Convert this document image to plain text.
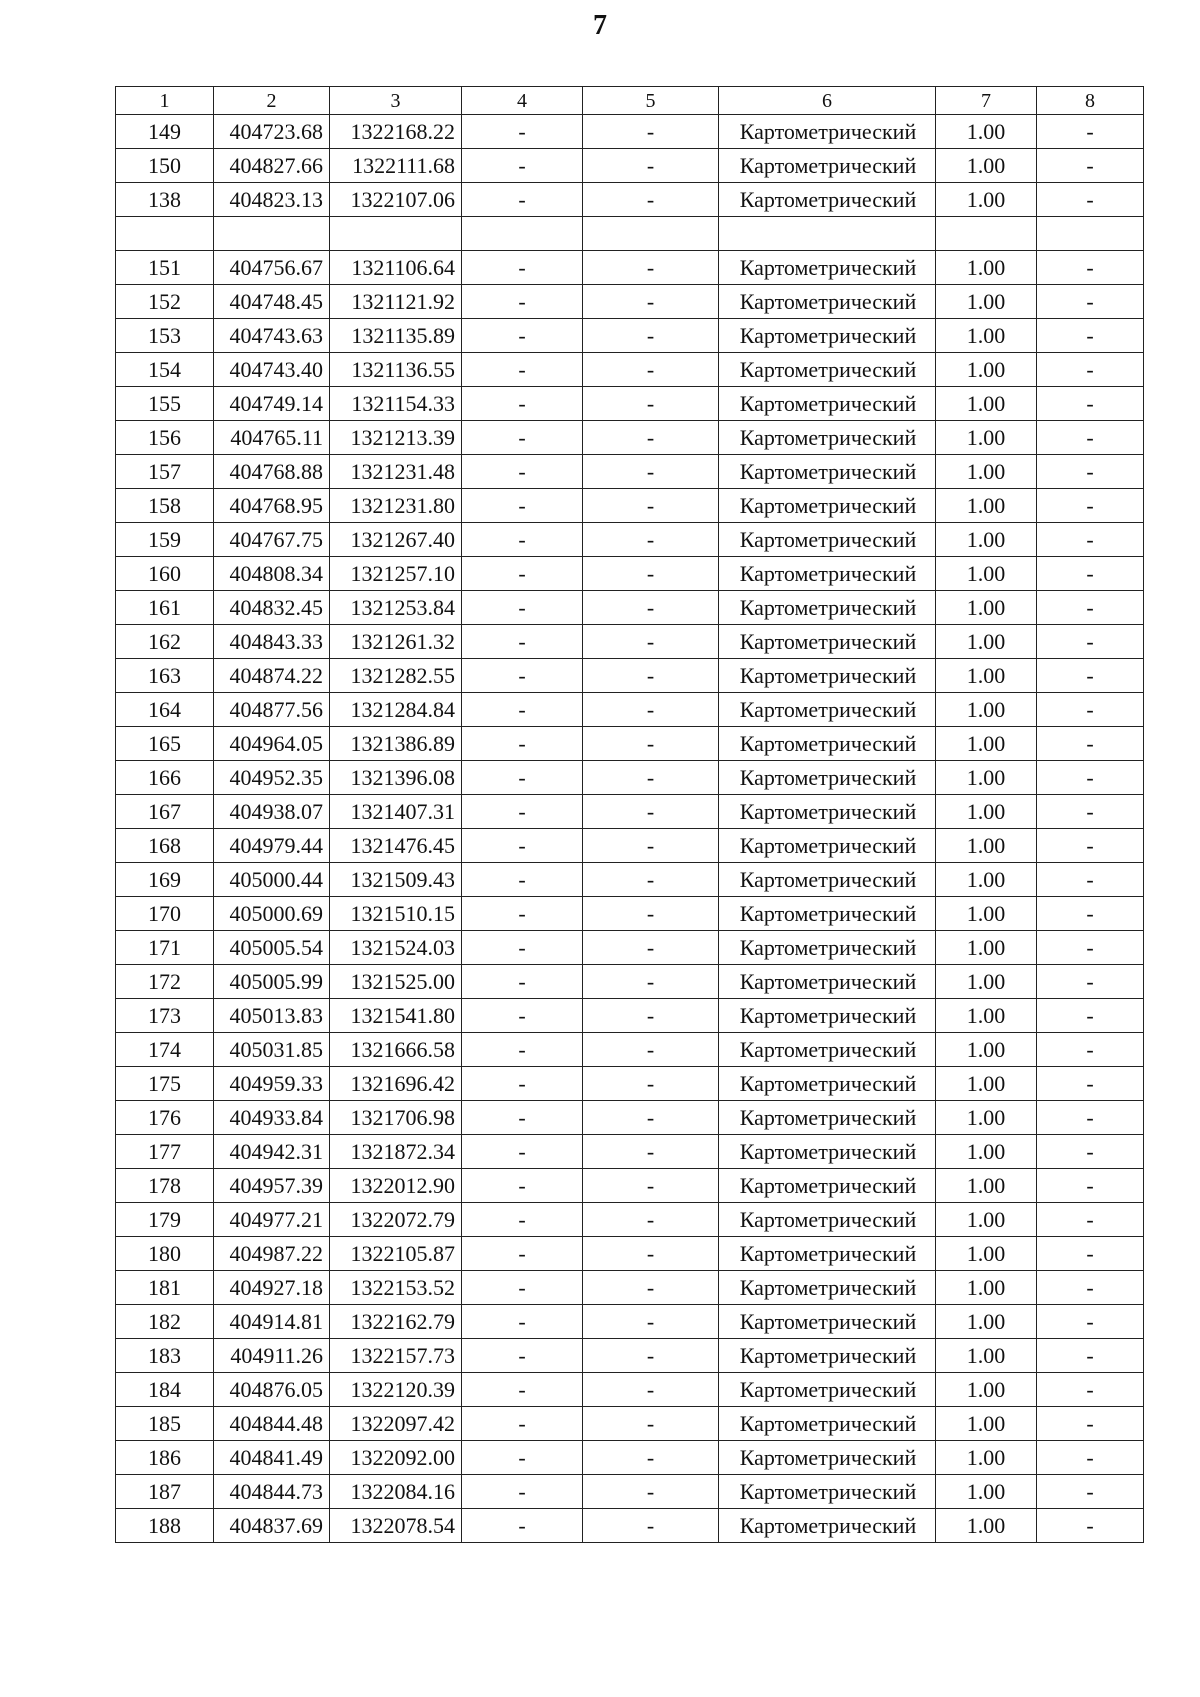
7
1	2	3	4	5	6	7	8
149	404723.68	1322168.22	-	-	Картометрический	1.00	-
150	404827.66	1322111.68	-	-	Картометрический	1.00	-
138	404823.13	1322107.06	-	-	Картометрический	1.00	-

151	404756.67	1321106.64	-	-	Картометрический	1.00	-
152	404748.45	1321121.92	-	-	Картометрический	1.00	-
153	404743.63	1321135.89	-	-	Картометрический	1.00	-
154	404743.40	1321136.55	-	-	Картометрический	1.00	-
155	404749.14	1321154.33	-	-	Картометрический	1.00	-
156	404765.11	1321213.39	-	-	Картометрический	1.00	-
157	404768.88	1321231.48	-	-	Картометрический	1.00	-
158	404768.95	1321231.80	-	-	Картометрический	1.00	-
159	404767.75	1321267.40	-	-	Картометрический	1.00	-
160	404808.34	1321257.10	-	-	Картометрический	1.00	-
161	404832.45	1321253.84	-	-	Картометрический	1.00	-
162	404843.33	1321261.32	-	-	Картометрический	1.00	-
163	404874.22	1321282.55	-	-	Картометрический	1.00	-
164	404877.56	1321284.84	-	-	Картометрический	1.00	-
165	404964.05	1321386.89	-	-	Картометрический	1.00	-
166	404952.35	1321396.08	-	-	Картометрический	1.00	-
167	404938.07	1321407.31	-	-	Картометрический	1.00	-
168	404979.44	1321476.45	-	-	Картометрический	1.00	-
169	405000.44	1321509.43	-	-	Картометрический	1.00	-
170	405000.69	1321510.15	-	-	Картометрический	1.00	-
171	405005.54	1321524.03	-	-	Картометрический	1.00	-
172	405005.99	1321525.00	-	-	Картометрический	1.00	-
173	405013.83	1321541.80	-	-	Картометрический	1.00	-
174	405031.85	1321666.58	-	-	Картометрический	1.00	-
175	404959.33	1321696.42	-	-	Картометрический	1.00	-
176	404933.84	1321706.98	-	-	Картометрический	1.00	-
177	404942.31	1321872.34	-	-	Картометрический	1.00	-
178	404957.39	1322012.90	-	-	Картометрический	1.00	-
179	404977.21	1322072.79	-	-	Картометрический	1.00	-
180	404987.22	1322105.87	-	-	Картометрический	1.00	-
181	404927.18	1322153.52	-	-	Картометрический	1.00	-
182	404914.81	1322162.79	-	-	Картометрический	1.00	-
183	404911.26	1322157.73	-	-	Картометрический	1.00	-
184	404876.05	1322120.39	-	-	Картометрический	1.00	-
185	404844.48	1322097.42	-	-	Картометрический	1.00	-
186	404841.49	1322092.00	-	-	Картометрический	1.00	-
187	404844.73	1322084.16	-	-	Картометрический	1.00	-
188	404837.69	1322078.54	-	-	Картометрический	1.00	-
